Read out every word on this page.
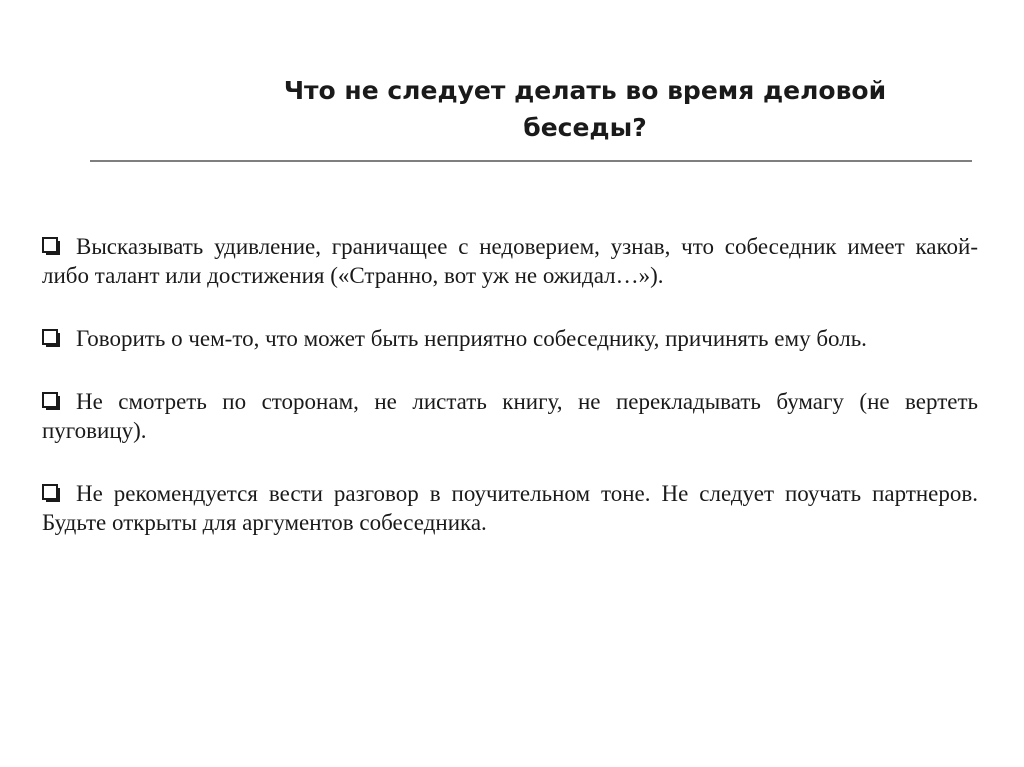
Что не следует делать во время деловой беседы?
Высказывать удивление, граничащее с недоверием, узнав, что собеседник имеет какой-либо талант или достижения («Странно, вот уж не ожидал…»).
Говорить о чем-то, что может быть неприятно собеседнику, причинять ему боль.
Не смотреть по сторонам, не листать книгу, не перекладывать бумагу (не вертеть пуговицу).
Не рекомендуется вести разговор в поучительном тоне. Не следует поучать партнеров. Будьте открыты для аргументов собеседника.
